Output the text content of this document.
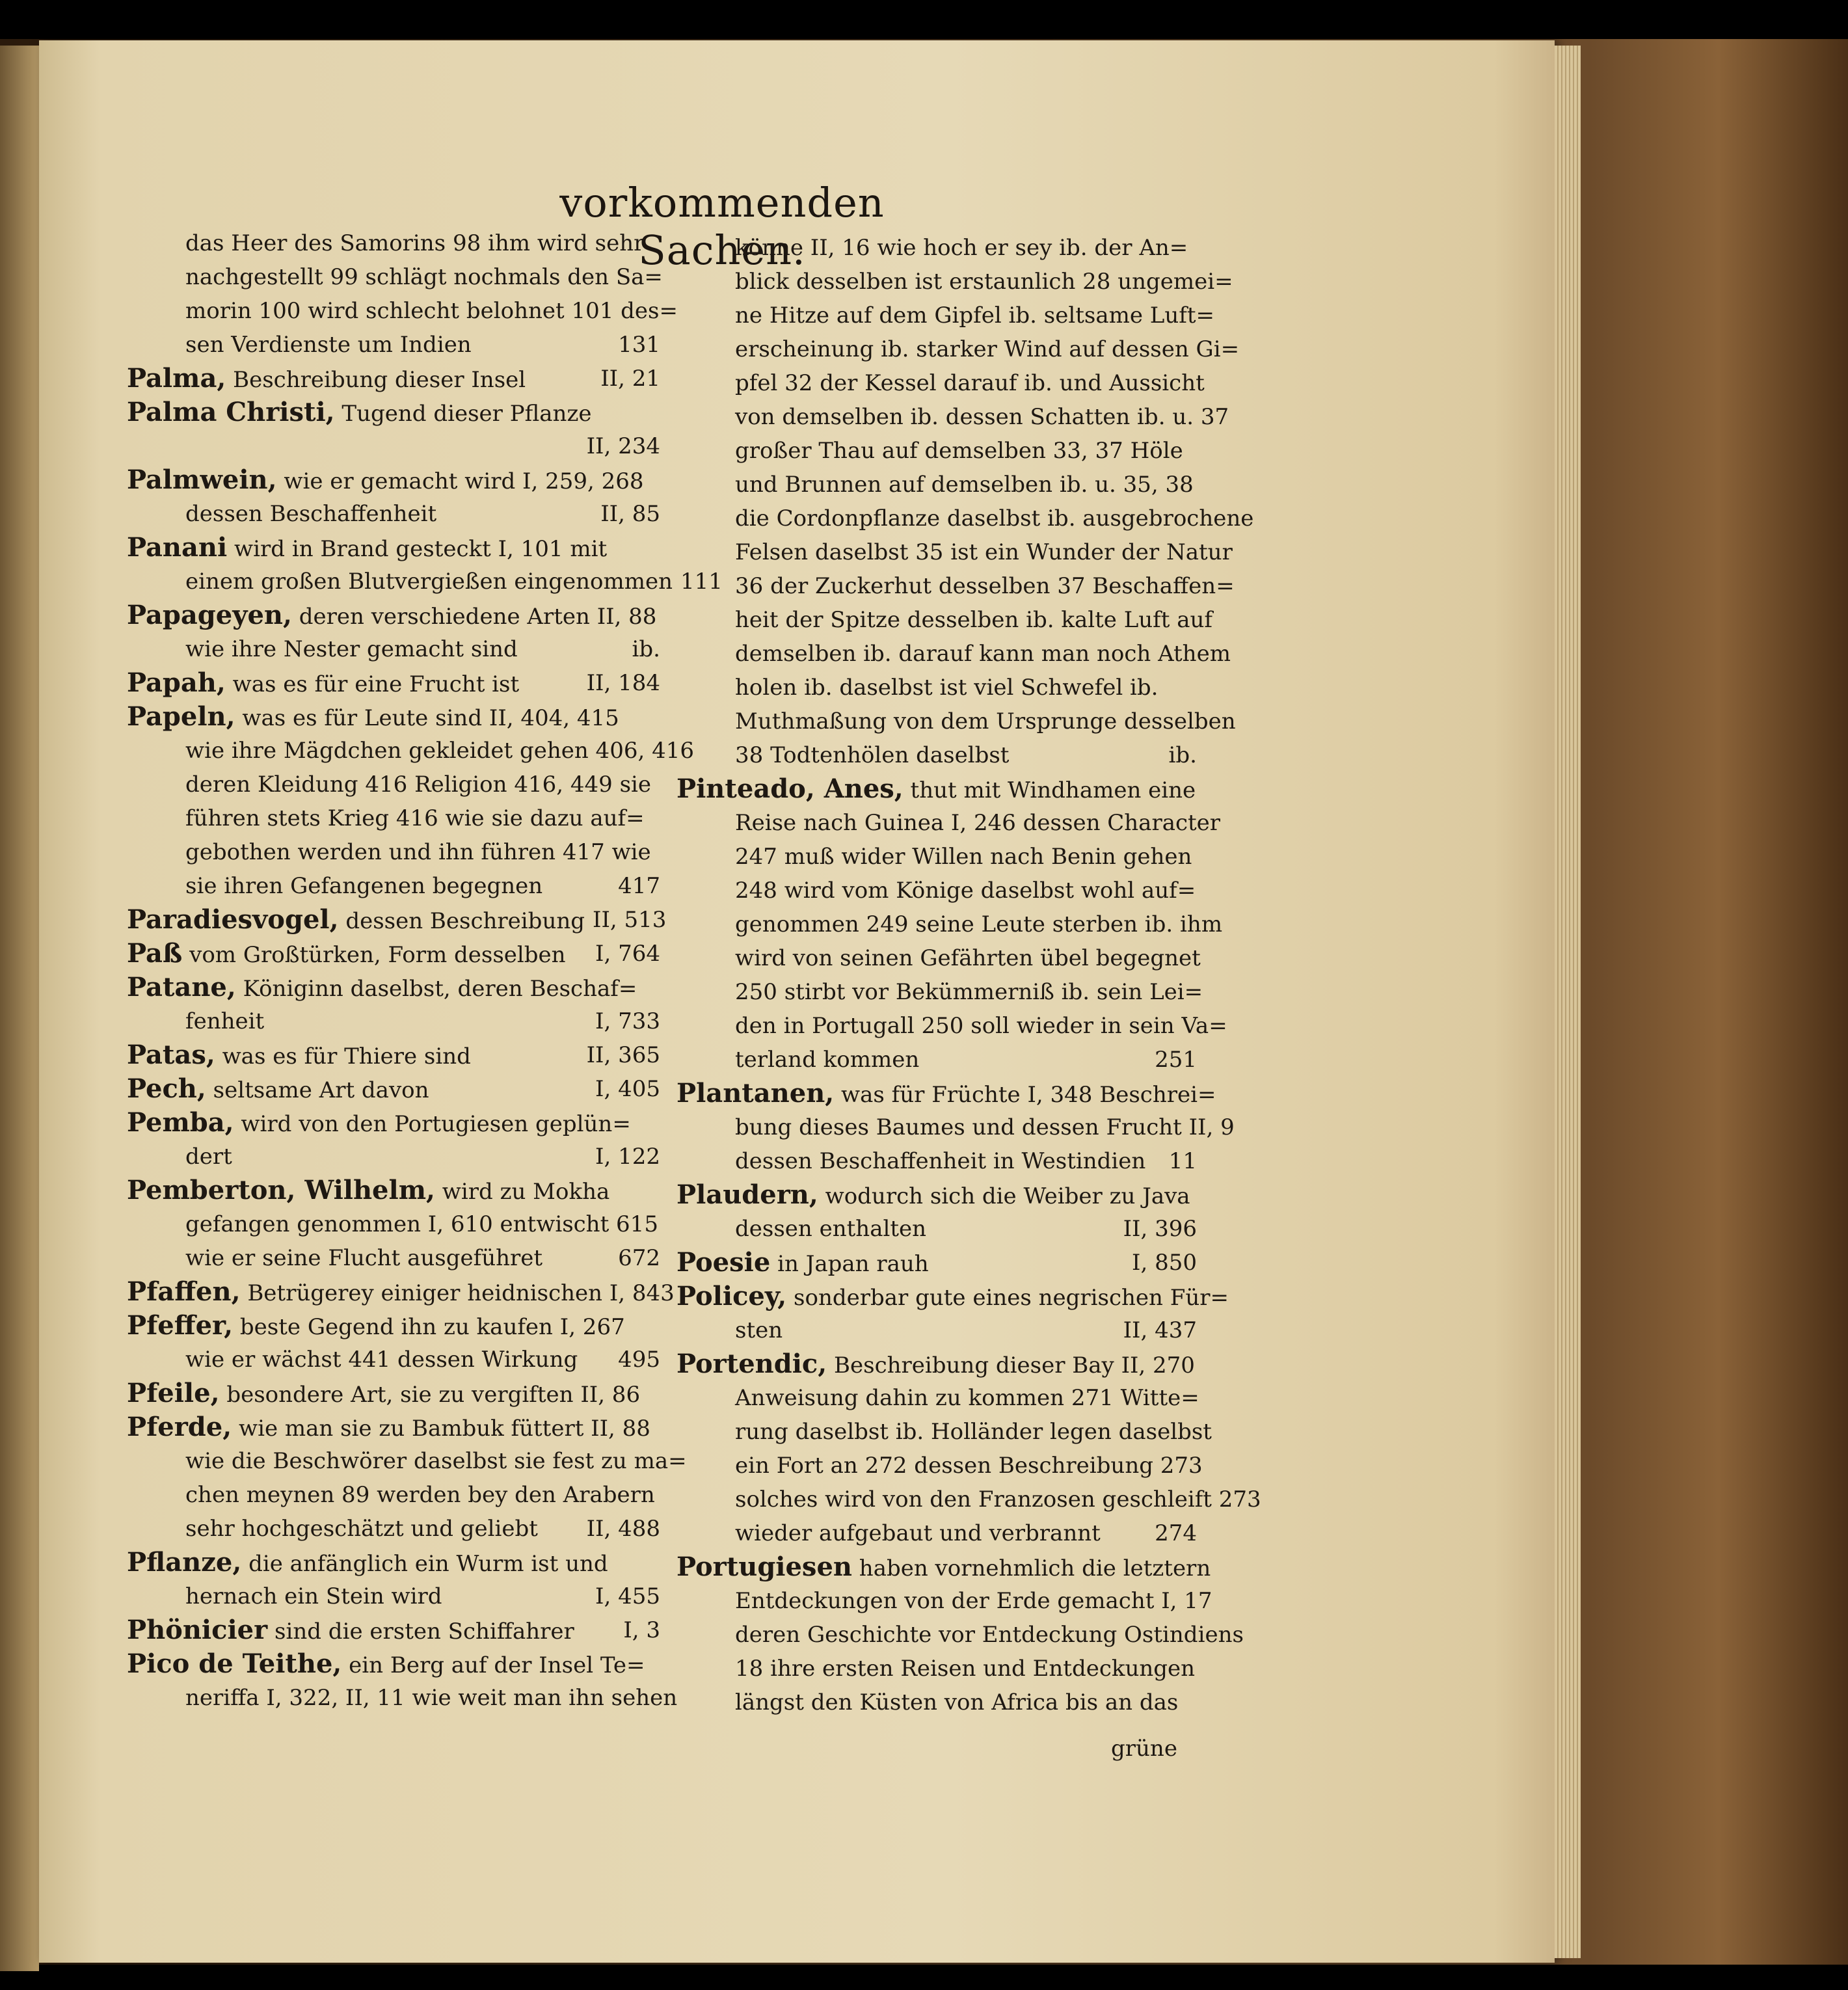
vorkommenden Sachen.
das Heer des Samorins 98 ihm wird sehr
nachgestellt 99 schlägt nochmals den Sa=
morin 100 wird schlecht belohnet 101 des=
sen Verdienste um Indien	131
Palma, Beschreibung dieser Insel	II, 21
Palma Christi, Tugend dieser Pflanze
II, 234
Palmwein, wie er gemacht wird I, 259, 268
dessen Beschaffenheit	II, 85
Panani wird in Brand gesteckt I, 101 mit
einem großen Blutvergießen eingenommen 111
Papageyen, deren verschiedene Arten II, 88
wie ihre Nester gemacht sind	ib.
Papah, was es für eine Frucht ist	II, 184
Papeln, was es für Leute sind II, 404, 415
wie ihre Mägdchen gekleidet gehen 406, 416
deren Kleidung 416 Religion 416, 449 sie
führen stets Krieg 416 wie sie dazu auf=
gebothen werden und ihn führen 417 wie
sie ihren Gefangenen begegnen	417
Paradiesvogel, dessen Beschreibung II, 513
Paß vom Großtürken, Form desselben	I, 764
Patane, Königinn daselbst, deren Beschaf=
fenheit	I, 733
Patas, was es für Thiere sind	II, 365
Pech, seltsame Art davon	I, 405
Pemba, wird von den Portugiesen geplün=
dert	I, 122
Pemberton, Wilhelm, wird zu Mokha
gefangen genommen I, 610 entwischt 615
wie er seine Flucht ausgeführet	672
Pfaffen, Betrügerey einiger heidnischen I, 843
Pfeffer, beste Gegend ihn zu kaufen I, 267
wie er wächst 441 dessen Wirkung	495
Pfeile, besondere Art, sie zu vergiften II, 86
Pferde, wie man sie zu Bambuk füttert II, 88
wie die Beschwörer daselbst sie fest zu ma=
chen meynen 89 werden bey den Arabern
sehr hochgeschätzt und geliebt	II, 488
Pflanze, die anfänglich ein Wurm ist und
hernach ein Stein wird	I, 455
Phönicier sind die ersten Schiffahrer	I, 3
Pico de Teithe, ein Berg auf der Insel Te=
neriffa I, 322, II, 11 wie weit man ihn sehen
könne II, 16 wie hoch er sey ib. der An=
blick desselben ist erstaunlich 28 ungemei=
ne Hitze auf dem Gipfel ib. seltsame Luft=
erscheinung ib. starker Wind auf dessen Gi=
pfel 32 der Kessel darauf ib. und Aussicht
von demselben ib. dessen Schatten ib. u. 37
großer Thau auf demselben 33, 37 Höle
und Brunnen auf demselben ib. u. 35, 38
die Cordonpflanze daselbst ib. ausgebrochene
Felsen daselbst 35 ist ein Wunder der Natur
36 der Zuckerhut desselben 37 Beschaffen=
heit der Spitze desselben ib. kalte Luft auf
demselben ib. darauf kann man noch Athem
holen ib. daselbst ist viel Schwefel ib.
Muthmaßung von dem Ursprunge desselben
38 Todtenhölen daselbst	ib.
Pinteado, Anes, thut mit Windhamen eine
Reise nach Guinea I, 246 dessen Character
247 muß wider Willen nach Benin gehen
248 wird vom Könige daselbst wohl auf=
genommen 249 seine Leute sterben ib. ihm
wird von seinen Gefährten übel begegnet
250 stirbt vor Bekümmerniß ib. sein Lei=
den in Portugall 250 soll wieder in sein Va=
terland kommen	251
Plantanen, was für Früchte I, 348 Beschrei=
bung dieses Baumes und dessen Frucht II, 9
dessen Beschaffenheit in Westindien	11
Plaudern, wodurch sich die Weiber zu Java
dessen enthalten	II, 396
Poesie in Japan rauh	I, 850
Policey, sonderbar gute eines negrischen Für=
sten	II, 437
Portendic, Beschreibung dieser Bay II, 270
Anweisung dahin zu kommen 271 Witte=
rung daselbst ib. Holländer legen daselbst
ein Fort an 272 dessen Beschreibung 273
solches wird von den Franzosen geschleift 273
wieder aufgebaut und verbrannt	274
Portugiesen haben vornehmlich die letztern
Entdeckungen von der Erde gemacht I, 17
deren Geschichte vor Entdeckung Ostindiens
18 ihre ersten Reisen und Entdeckungen
längst den Küsten von Africa bis an das
grüne
